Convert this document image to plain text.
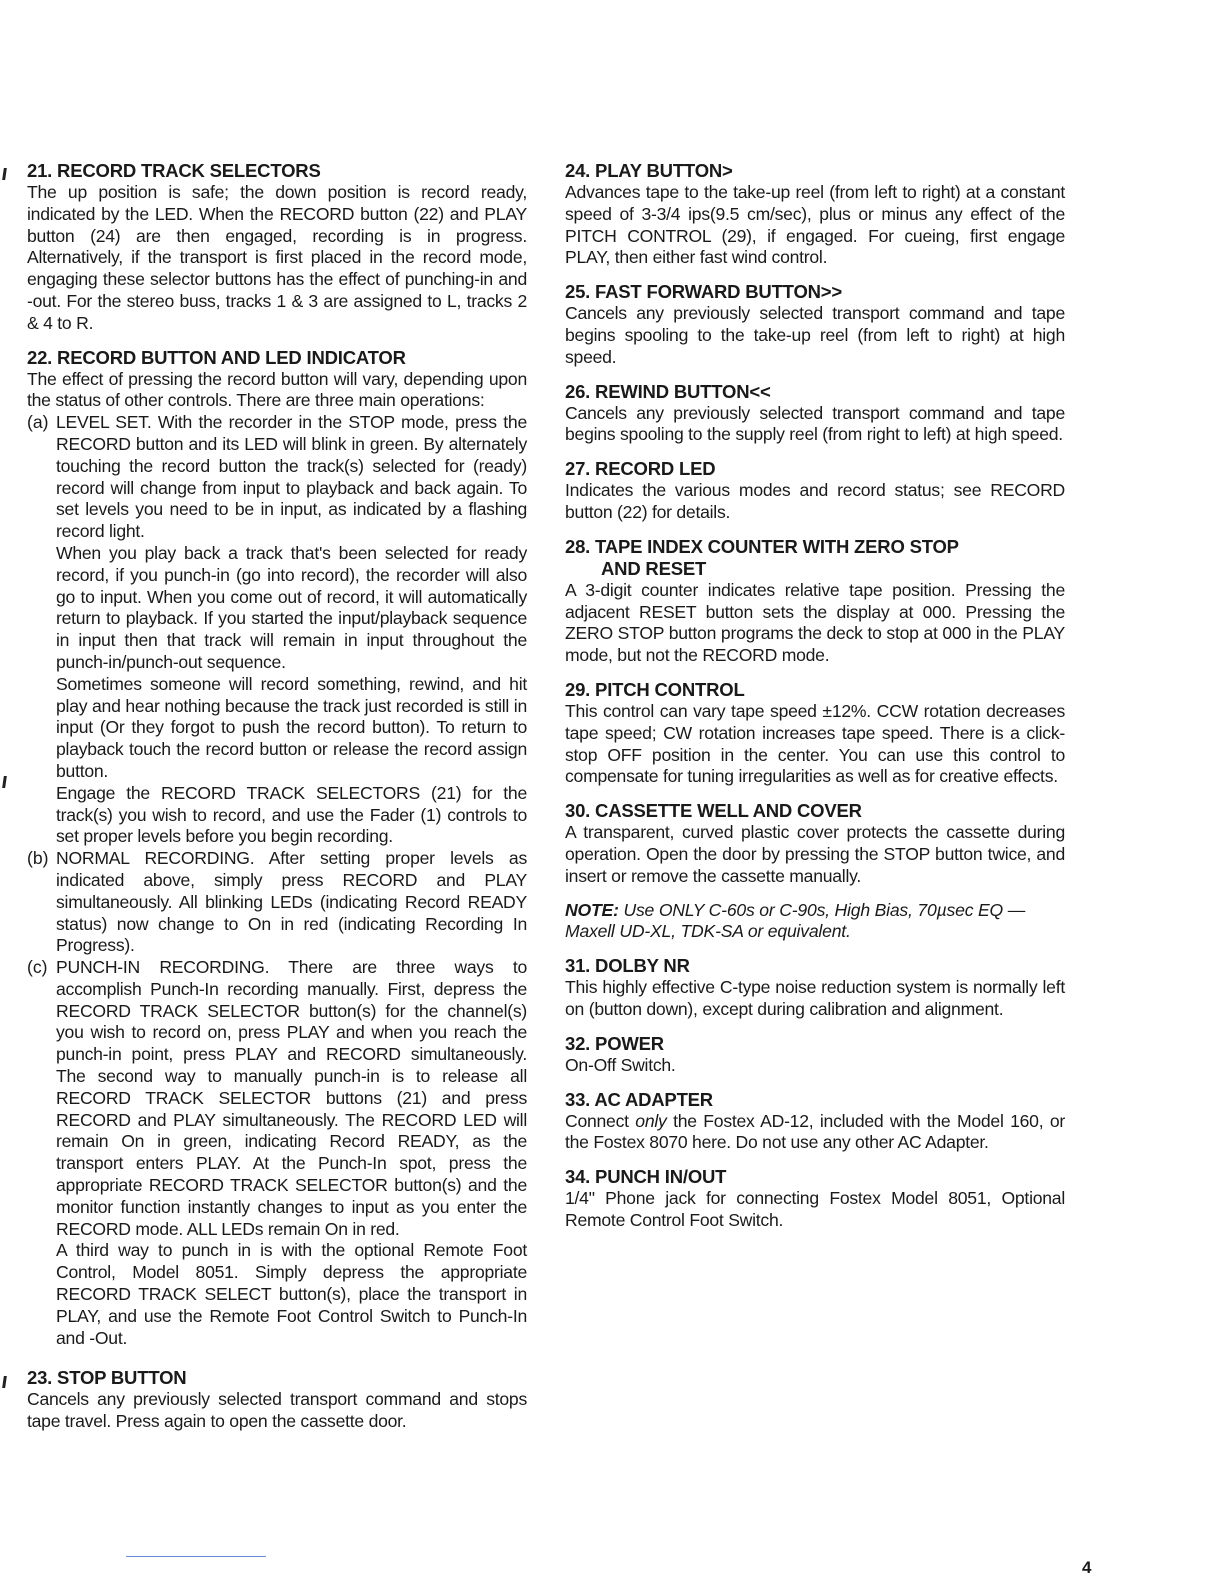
21. RECORD TRACK SELECTORS

The up position is safe; the down position is record ready, indicated by the LED. When the RECORD button (22) and PLAY button (24) are then engaged, recording is in progress. Alternatively, if the transport is first placed in the record mode, engaging these selector buttons has the effect of punching-in and -out. For the stereo buss, tracks 1 & 3 are assigned to L, tracks 2 & 4 to R.

22. RECORD BUTTON AND LED INDICATOR

The effect of pressing the record button will vary, depending upon the status of other controls. There are three main operations:

(a) LEVEL SET. With the recorder in the STOP mode, press the RECORD button and its LED will blink in green. By alternately touching the record button the track(s) selected for (ready) record will change from input to playback and back again. To set levels you need to be in input, as indicated by a flashing record light.

When you play back a track that's been selected for ready record, if you punch-in (go into record), the recorder will also go to input. When you come out of record, it will automatically return to playback. If you started the input/playback sequence in input then that track will remain in input throughout the punch-in/punch-out sequence.

Sometimes someone will record something, rewind, and hit play and hear nothing because the track just recorded is still in input (Or they forgot to push the record button). To return to playback touch the record button or release the record assign button.

Engage the RECORD TRACK SELECTORS (21) for the track(s) you wish to record, and use the Fader (1) controls to set proper levels before you begin recording.

(b) NORMAL RECORDING. After setting proper levels as indicated above, simply press RECORD and PLAY simultaneously. All blinking LEDs (indicating Record READY status) now change to On in red (indicating Recording In Progress).

(c) PUNCH-IN RECORDING. There are three ways to accomplish Punch-In recording manually. First, depress the RECORD TRACK SELECTOR button(s) for the channel(s) you wish to record on, press PLAY and when you reach the punch-in point, press PLAY and RECORD simultaneously. The second way to manually punch-in is to release all RECORD TRACK SELECTOR buttons (21) and press RECORD and PLAY simultaneously. The RECORD LED will remain On in green, indicating Record READY, as the transport enters PLAY. At the Punch-In spot, press the appropriate RECORD TRACK SELECTOR button(s) and the monitor function instantly changes to input as you enter the RECORD mode. ALL LEDs remain On in red.

A third way to punch in is with the optional Remote Foot Control, Model 8051. Simply depress the appropriate RECORD TRACK SELECT button(s), place the transport in PLAY, and use the Remote Foot Control Switch to Punch-In and -Out.

23. STOP BUTTON

Cancels any previously selected transport command and stops tape travel. Press again to open the cassette door.

24. PLAY BUTTON>

Advances tape to the take-up reel (from left to right) at a constant speed of 3-3/4 ips(9.5 cm/sec), plus or minus any effect of the PITCH CONTROL (29), if engaged. For cueing, first engage PLAY, then either fast wind control.

25. FAST FORWARD BUTTON>>

Cancels any previously selected transport command and tape begins spooling to the take-up reel (from left to right) at high speed.

26. REWIND BUTTON<<

Cancels any previously selected transport command and tape begins spooling to the supply reel (from right to left) at high speed.

27. RECORD LED

Indicates the various modes and record status; see RECORD button (22) for details.

28. TAPE INDEX COUNTER WITH ZERO STOP
AND RESET

A 3-digit counter indicates relative tape position. Pressing the adjacent RESET button sets the display at 000. Pressing the ZERO STOP button programs the deck to stop at 000 in the PLAY mode, but not the RECORD mode.

29. PITCH CONTROL

This control can vary tape speed ±12%. CCW rotation decreases tape speed; CW rotation increases tape speed. There is a click-stop OFF position in the center. You can use this control to compensate for tuning irregularities as well as for creative effects.

30. CASSETTE WELL AND COVER

A transparent, curved plastic cover protects the cassette during operation. Open the door by pressing the STOP button twice, and insert or remove the cassette manually.

NOTE: Use ONLY C-60s or C-90s, High Bias, 70µsec EQ — Maxell UD-XL, TDK-SA or equivalent.

31. DOLBY NR

This highly effective C-type noise reduction system is normally left on (button down), except during calibration and alignment.

32. POWER

On-Off Switch.

33. AC ADAPTER

Connect only the Fostex AD-12, included with the Model 160, or the Fostex 8070 here. Do not use any other AC Adapter.

34. PUNCH IN/OUT

1/4" Phone jack for connecting Fostex Model 8051, Optional Remote Control Foot Switch.

4
